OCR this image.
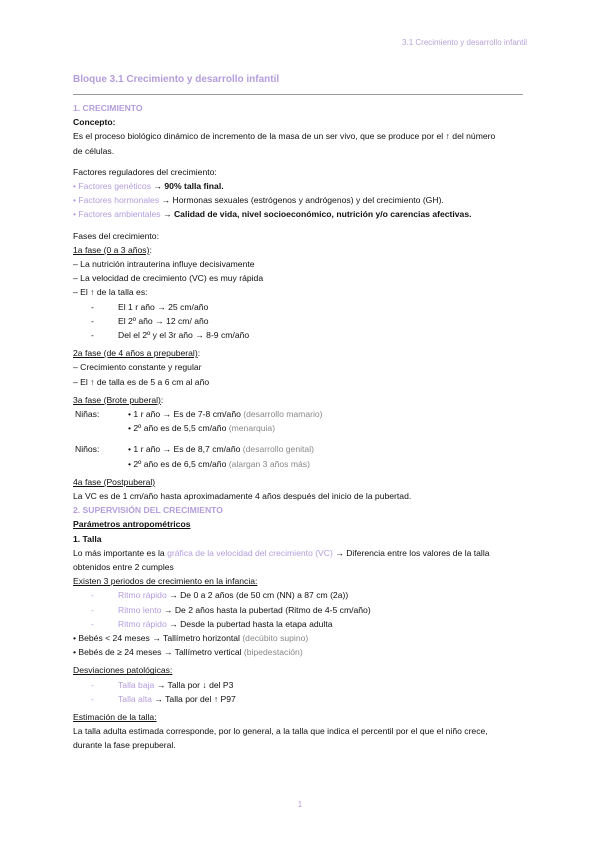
3.1 Crecimiento y desarrollo infantil
Bloque 3.1 Crecimiento y desarrollo infantil

1. CRECIMIENTO

Concepto:

Es el proceso biológico dinámico de incremento de la masa de un ser vivo, que se produce por el ↑ del número

de células.

Factores reguladores del crecimiento:

• Factores genéticos → 90% talla final.

• Factores hormonales → Hormonas sexuales (estrógenos y andrógenos) y del crecimiento (GH).

• Factores ambientales → Calidad de vida, nivel socioeconómico, nutrición y/o carencias afectivas.

Fases del crecimiento:

1a fase (0 a 3 años):

– La nutrición intrauterina influye decisivamente

– La velocidad de crecimiento (VC) es muy rápida

– El ↑ de la talla es:

-	El 1 r año → 25 cm/año

-	El 2º año → 12 cm/ año

-	Del el 2º y el 3r año → 8-9 cm/año

2a fase (de 4 años a prepuberal):

– Crecimiento constante y regular

– El ↑ de talla es de 5 a 6 cm al año

3a fase (Brote puberal):

Niñas:	• 1 r año → Es de 7-8 cm/año (desarrollo mamario)
• 2º año es de 5,5 cm/año (menarquia)
Niños:	• 1 r año → Es de 8,7 cm/año (desarrollo genital)
• 2º año es de 6,5 cm/año (alargan 3 años más)

4a fase (Postpuberal)

La VC es de 1 cm/año hasta aproximadamente 4 años después del inicio de la pubertad.

2. SUPERVISIÓN DEL CRECIMIENTO

Parámetros antropométricos

1. Talla

Lo más importante es la gráfica de la velocidad del crecimiento (VC) → Diferencia entre los valores de la talla

obtenidos entre 2 cumples

Existen 3 periodos de crecimiento en la infancia:

-	Ritmo rápido → De 0 a 2 años (de 50 cm (NN) a 87 cm (2a))

-	Ritmo lento → De 2 años hasta la pubertad (Ritmo de 4-5 cm/año)

-	Ritmo rápido → Desde la pubertad hasta la etapa adulta

• Bebés < 24 meses → Tallímetro horizontal (decúbito supino)

• Bebés de ≥ 24 meses → Tallímetro vertical (bipedestación)

Desviaciones patológicas:

-	Talla baja → Talla por ↓ del P3

-	Talla alta → Talla por del ↑ P97

Estimación de la talla:

La talla adulta estimada corresponde, por lo general, a la talla que indica el percentil por el que el niño crece,

durante la fase prepuberal.

1
